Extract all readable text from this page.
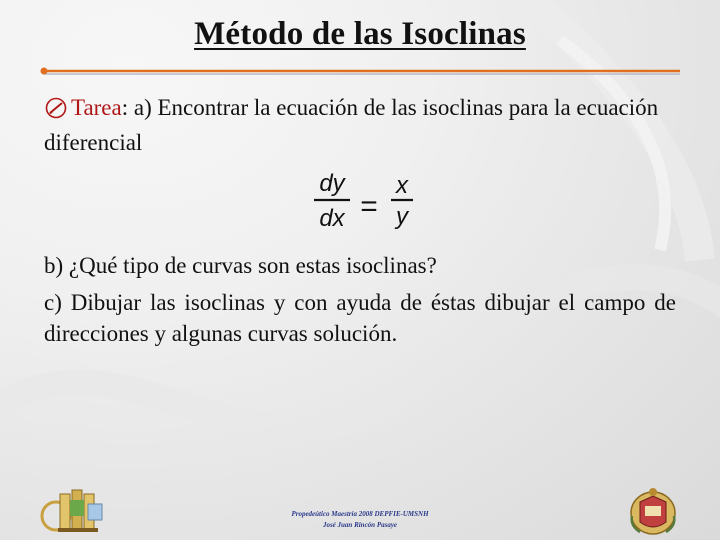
Método de las Isoclinas
Tarea: a) Encontrar la ecuación de las isoclinas para la ecuación diferencial
dy
dx =
x
y
b) ¿Qué tipo de curvas son estas isoclinas?
c) Dibujar las isoclinas y con ayuda de éstas dibujar el campo de direcciones y algunas curvas solución.
Propedeútico Maestría 2008 DEPFIE-UMSNH
José Juan Rincón Pasaye
